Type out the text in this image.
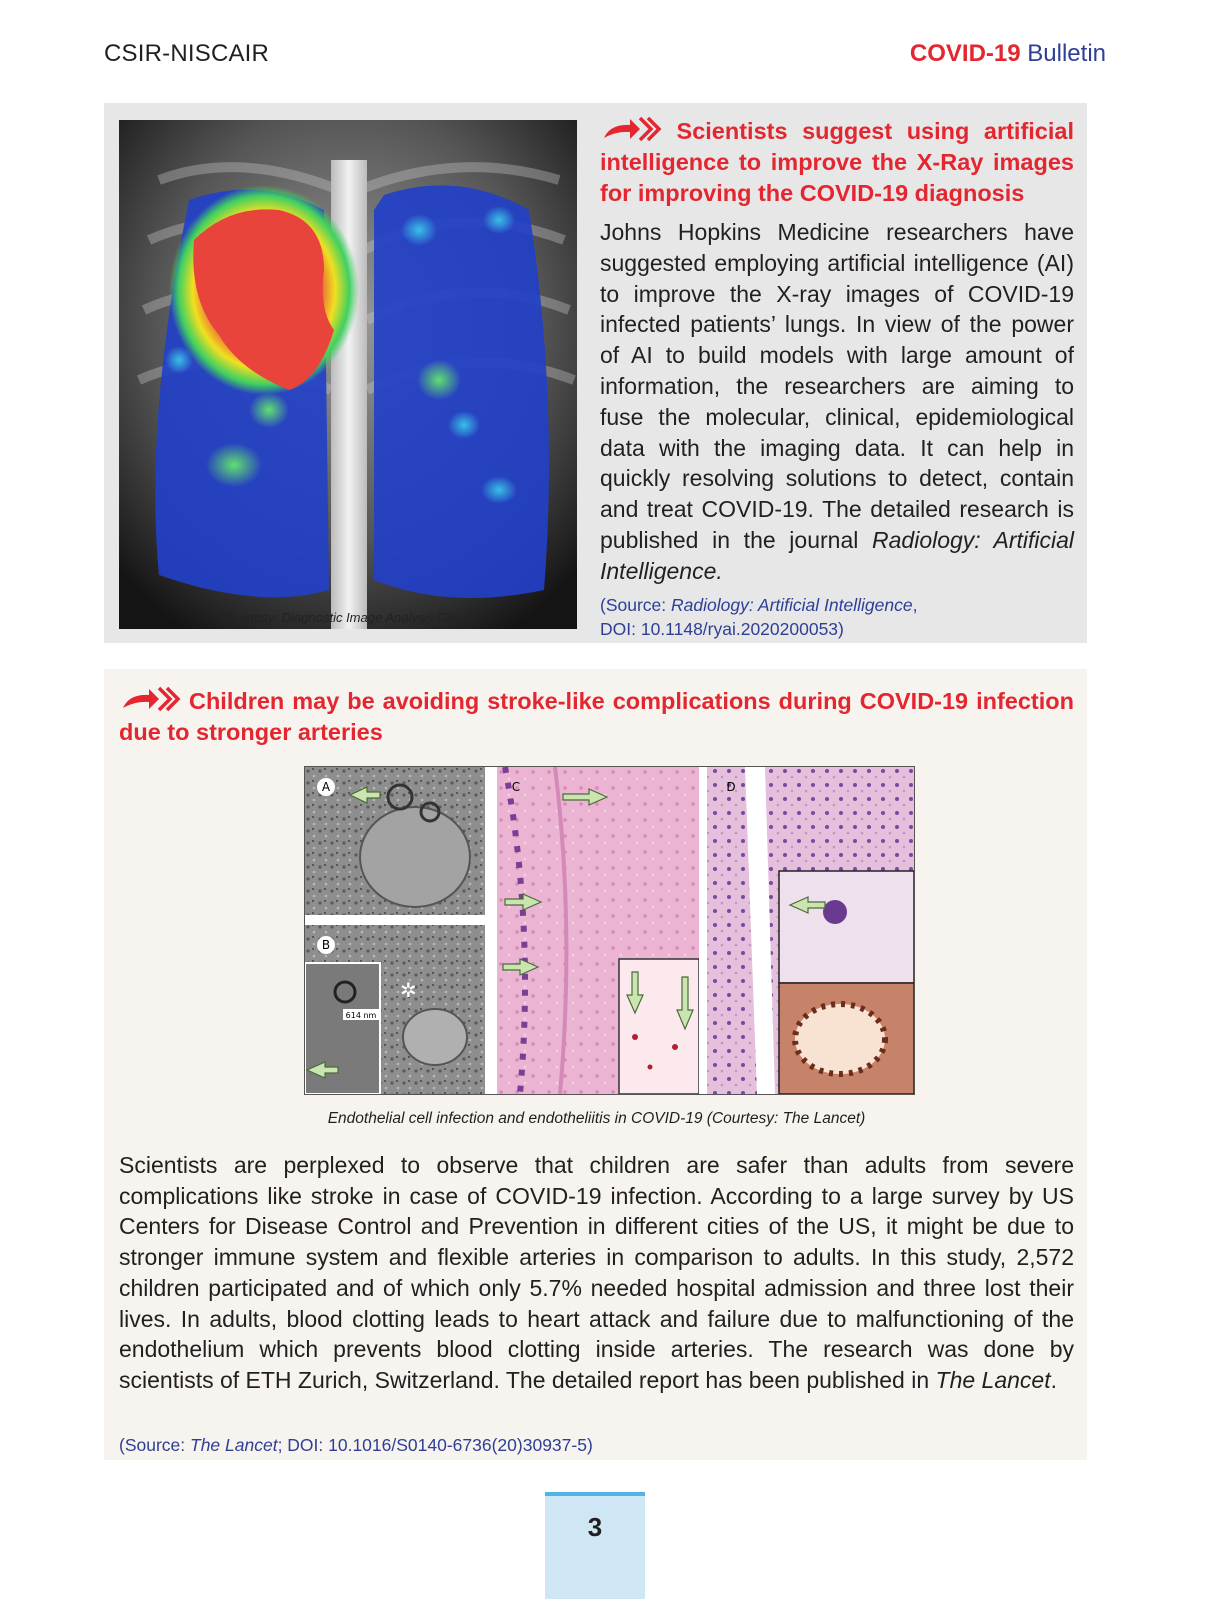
CSIR-NISCAIR	COVID-19 Bulletin
(Courtesy: Diagnostic Image Analysis Group)
Scientists suggest using artificial intelligence to improve the X-Ray images for improving the COVID-19 diagnosis
Johns Hopkins Medicine researchers have suggested employing artificial intelligence (AI) to improve the X-ray images of COVID-19 infected patients’ lungs. In view of the power of AI to build models with large amount of information, the researchers are aiming to fuse the molecular, clinical, epidemiological data with the imaging data. It can help in quickly resolving solutions to detect, contain and treat COVID-19. The detailed research is published in the journal Radiology: Artificial Intelligence.
(Source: Radiology: Artificial Intelligence,
DOI: 10.1148/ryai.2020200053)
Children may be avoiding stroke-like complications during COVID-19 infection due to stronger arteries
✲
614 nm
A
B
C	D
Endothelial cell infection and endotheliitis in COVID-19 (Courtesy: The Lancet)
Scientists are perplexed to observe that children are safer than adults from severe complications like stroke in case of COVID-19 infection. According to a large survey by US Centers for Disease Control and Prevention in different cities of the US, it might be due to stronger immune system and flexible arteries in comparison to adults. In this study, 2,572 children participated and of which only 5.7% needed hospital admission and three lost their lives. In adults, blood clotting leads to heart attack and failure due to malfunctioning of the endothelium which prevents blood clotting inside arteries. The research was done by scientists of ETH Zurich, Switzerland. The detailed report has been published in The Lancet.
(Source: The Lancet; DOI: 10.1016/S0140-6736(20)30937-5)
3
